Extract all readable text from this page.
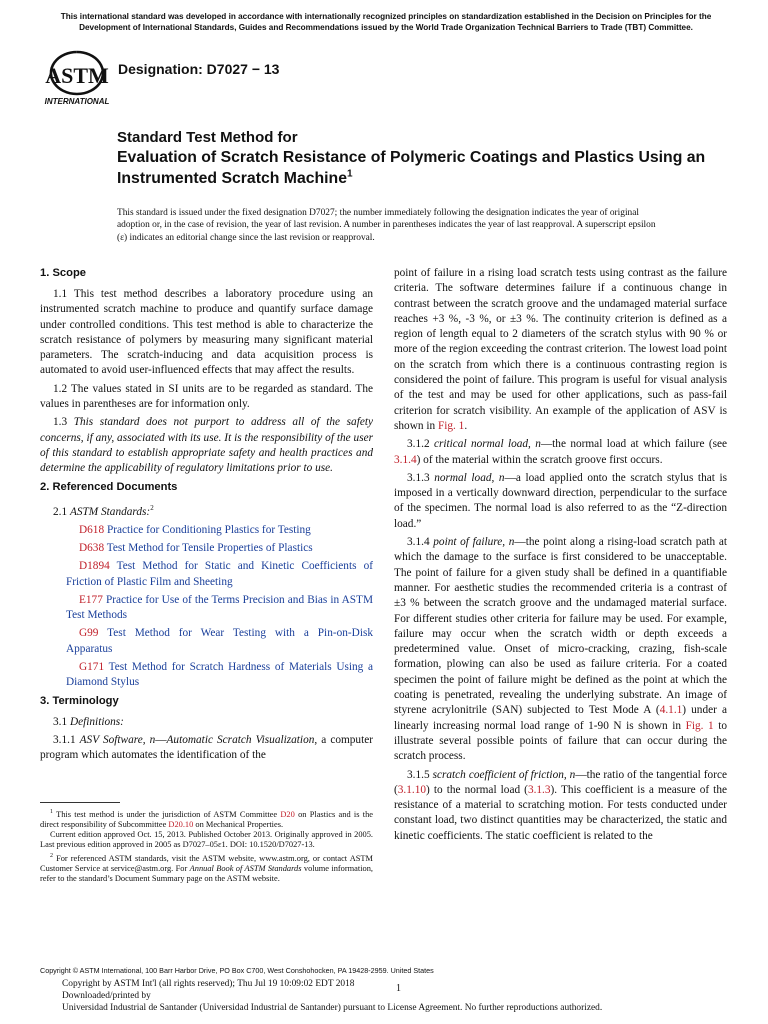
This international standard was developed in accordance with internationally recognized principles on standardization established in the Decision on Principles for the Development of International Standards, Guides and Recommendations issued by the World Trade Organization Technical Barriers to Trade (TBT) Committee.
ASTM
INTERNATIONAL
Designation: D7027 − 13
Standard Test Method for
Evaluation of Scratch Resistance of Polymeric Coatings and Plastics Using an Instrumented Scratch Machine$^1$
This standard is issued under the fixed designation D7027; the number immediately following the designation indicates the year of original adoption or, in the case of revision, the year of last revision. A number in parentheses indicates the year of last reapproval. A superscript epsilon (ε) indicates an editorial change since the last revision or reapproval.
1. Scope

1.1 This test method describes a laboratory procedure using an instrumented scratch machine to produce and quantify surface damage under controlled conditions. This test method is able to characterize the scratch resistance of polymers by measuring many significant material parameters. The scratch-inducing and data acquisition process is automated to avoid user-influenced effects that may affect the results.

1.2 The values stated in SI units are to be regarded as standard. The values in parentheses are for information only.

1.3 This standard does not purport to address all of the safety concerns, if any, associated with its use. It is the responsibility of the user of this standard to establish appropriate safety and health practices and determine the applicability of regulatory limitations prior to use.

2. Referenced Documents

2.1 ASTM Standards:$^2$

D618 Practice for Conditioning Plastics for Testing

D638 Test Method for Tensile Properties of Plastics

D1894 Test Method for Static and Kinetic Coefficients of Friction of Plastic Film and Sheeting

E177 Practice for Use of the Terms Precision and Bias in ASTM Test Methods

G99 Test Method for Wear Testing with a Pin-on-Disk Apparatus

G171 Test Method for Scratch Hardness of Materials Using a Diamond Stylus

3. Terminology

3.1 Definitions:

3.1.1 ASV Software, n—Automatic Scratch Visualization, a computer program which automates the identification of the

$^1$ This test method is under the jurisdiction of ASTM Committee D20 on Plastics and is the direct responsibility of Subcommittee D20.10 on Mechanical Properties.

Current edition approved Oct. 15, 2013. Published October 2013. Originally approved in 2005. Last previous edition approved in 2005 as D7027–05ε1. DOI: 10.1520/D7027-13.

$^2$ For referenced ASTM standards, visit the ASTM website, www.astm.org, or contact ASTM Customer Service at service@astm.org. For Annual Book of ASTM Standards volume information, refer to the standard’s Document Summary page on the ASTM website.

point of failure in a rising load scratch tests using contrast as the failure criteria. The software determines failure if a continuous change in contrast between the scratch groove and the undamaged material surface reaches +3 %, -3 %, or ±3 %. The continuity criterion is defined as a region of length equal to 2 diameters of the scratch stylus with 90 % or more of the region exceeding the contrast criterion. The lowest load point on the scratch from which there is a continuous contrasting region is considered the point of failure. This program is useful for visual analysis of the test and may be used for other applications, such as pass-fail criterion for scratch visibility. An example of the application of ASV is shown in Fig. 1.

3.1.2 critical normal load, n—the normal load at which failure (see 3.1.4) of the material within the scratch groove first occurs.

3.1.3 normal load, n—a load applied onto the scratch stylus that is imposed in a vertically downward direction, perpendicular to the surface of the specimen. The normal load is also referred to as the “Z-direction load.”

3.1.4 point of failure, n—the point along a rising-load scratch path at which the damage to the surface is first considered to be unacceptable. The point of failure for a given study shall be defined in a quantifiable manner. For aesthetic studies the recommended criteria is a contrast of ±3 % between the scratch groove and the undamaged material surface. For different studies other criteria for failure may be used. For example, failure may occur when the scratch width or depth exceeds a predetermined value. Onset of micro-cracking, crazing, fish-scale formation, plowing can also be used as failure criteria. For a coated specimen the point of failure might be defined as the point at which the coating is penetrated, revealing the underlying substrate. An image of styrene acrylonitrile (SAN) subjected to Test Mode A (4.1.1) under a linearly increasing normal load range of 1-90 N is shown in Fig. 1 to illustrate several possible points of failure that can occur during the scratch process.

3.1.5 scratch coefficient of friction, n—the ratio of the tangential force (3.1.10) to the normal load (3.1.3). This coefficient is a measure of the resistance of a material to scratching motion. For tests conducted under constant load, two distinct quantities may be characterized, the static and kinetic coefficients. The static coefficient is related to the

Copyright © ASTM International, 100 Barr Harbor Drive, PO Box C700, West Conshohocken, PA 19428-2959. United States
Copyright by ASTM Int'l (all rights reserved); Thu Jul 19 10:09:02 EDT 2018
Downloaded/printed by
Universidad Industrial de Santander (Universidad Industrial de Santander) pursuant to License Agreement. No further reproductions authorized.
1
